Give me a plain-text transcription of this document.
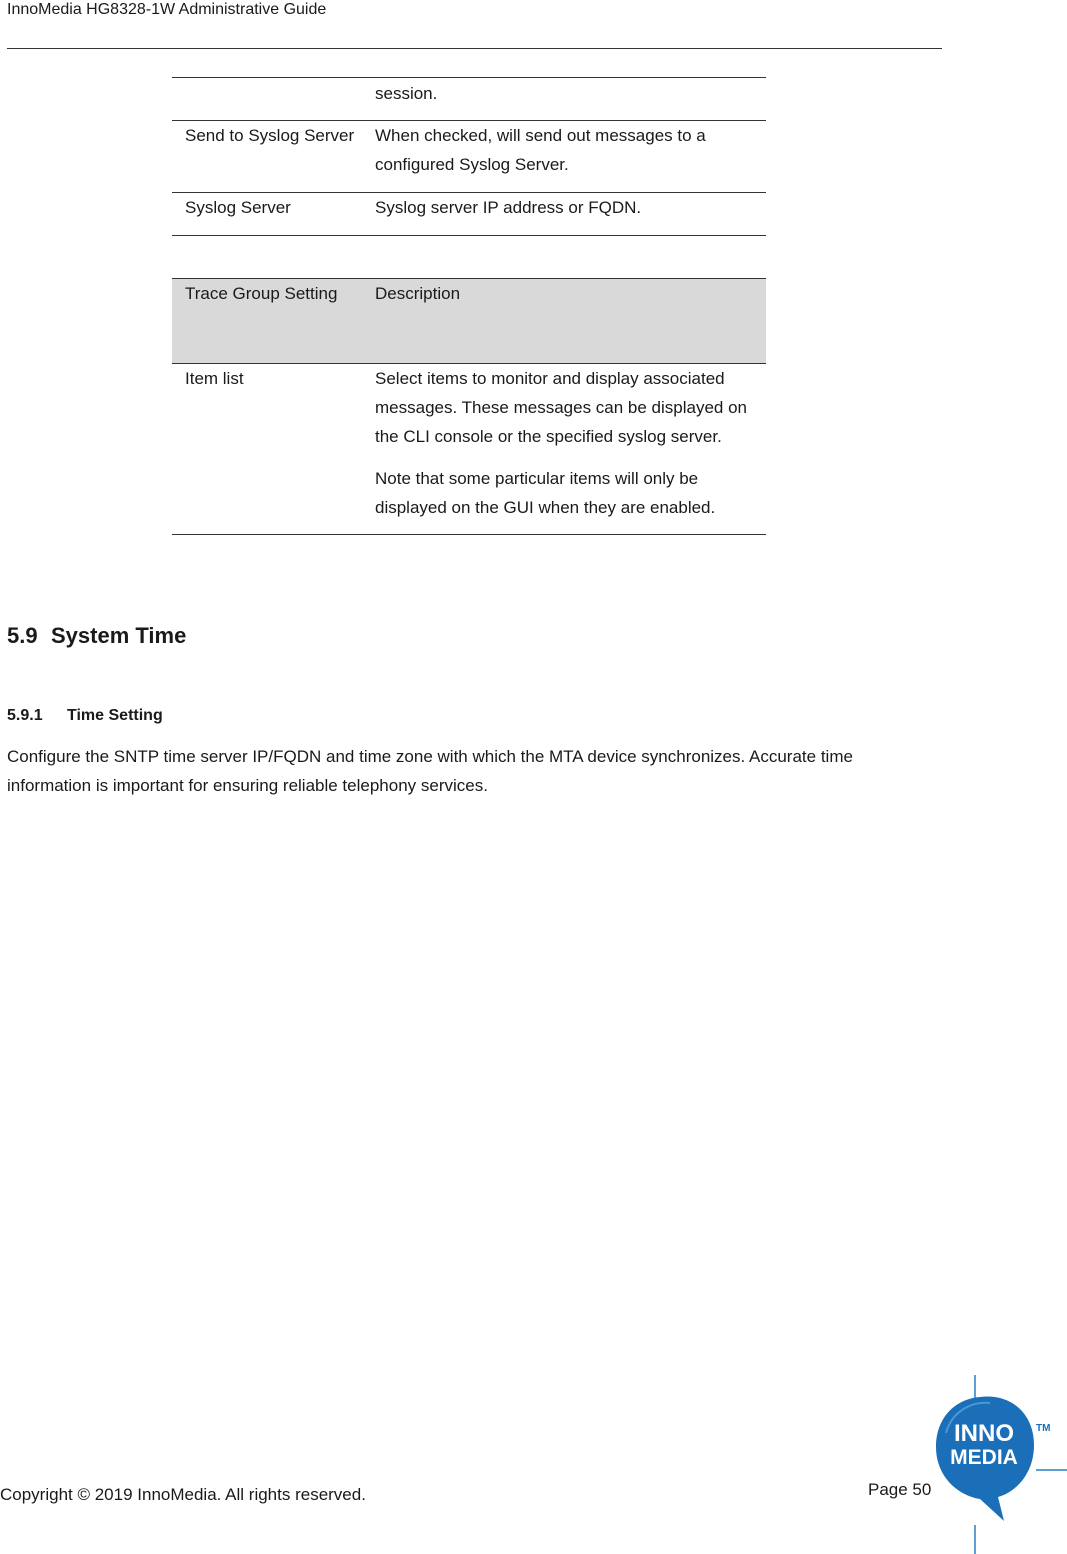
InnoMedia HG8328-1W Administrative Guide
	session.
Send to Syslog Server	When checked, will send out messages to a configured Syslog Server.
Syslog Server	Syslog server IP address or FQDN.
Trace Group Setting	Description
Item list	Select items to monitor and display associated messages. These messages can be displayed on the CLI console or the specified syslog server.

Note that some particular items will only be displayed on the GUI when they are enabled.

5.9 System Time
5.9.1 Time Setting
Configure the SNTP time server IP/FQDN and time zone with which the MTA device synchronizes. Accurate time information is important for ensuring reliable telephony services.
Copyright © 2019 InnoMedia. All rights reserved.	Page 50
INNO
MEDIA
TM
